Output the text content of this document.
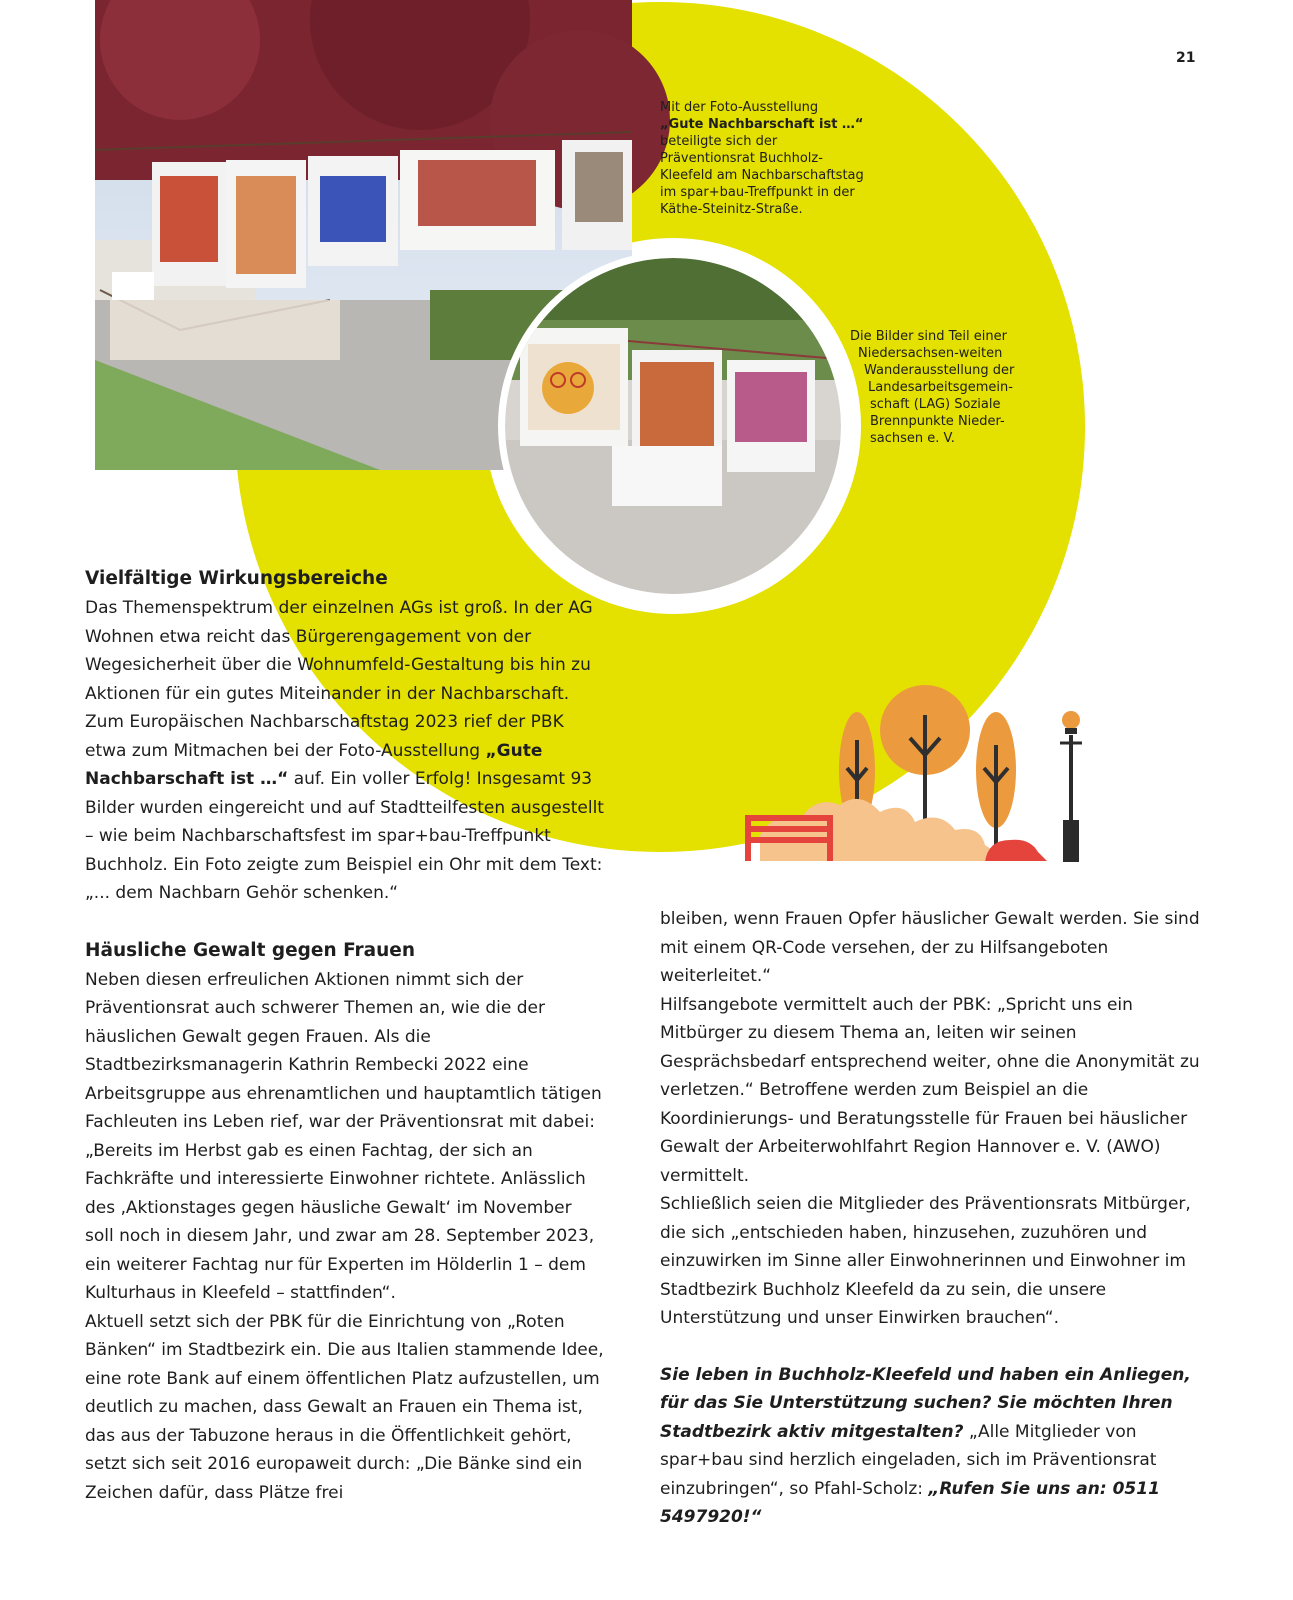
21
Mit der Foto-Ausstellung
„Gute Nachbarschaft ist …“
beteiligte sich der Präventionsrat Buchholz-Kleefeld am Nachbarschaftstag im spar+bau-Treffpunkt in der Käthe-Steinitz-Straße.
Die Bilder sind Teil einer
Niedersachsen-weiten
Wanderausstellung der
Landesarbeitsgemein-
schaft (LAG) Soziale
Brennpunkte Nieder-
sachsen e. V.
Vielfältige Wirkungsbereiche

Das Themenspektrum der einzelnen AGs ist groß. In der AG Wohnen etwa reicht das Bürgerengagement von der Wegesicherheit über die Wohnumfeld-Gestaltung bis hin zu Aktionen für ein gutes Miteinander in der Nachbarschaft. Zum Europäischen Nachbarschaftstag 2023 rief der PBK etwa zum Mitmachen bei der Foto-Ausstellung „Gute Nachbarschaft ist …“ auf. Ein voller Erfolg! Insgesamt 93 Bilder wurden eingereicht und auf Stadtteilfesten ausgestellt – wie beim Nachbarschaftsfest im spar+bau-Treffpunkt Buchholz. Ein Foto zeigte zum Beispiel ein Ohr mit dem Text: „... dem Nachbarn Gehör schenken.“

Häusliche Gewalt gegen Frauen

Neben diesen erfreulichen Aktionen nimmt sich der Präventionsrat auch schwerer Themen an, wie die der häuslichen Gewalt gegen Frauen. Als die Stadtbezirksmanagerin Kathrin Rembecki 2022 eine Arbeitsgruppe aus ehrenamtlichen und hauptamtlich tätigen Fachleuten ins Leben rief, war der Präventionsrat mit dabei: „Bereits im Herbst gab es einen Fachtag, der sich an Fachkräfte und interessierte Einwohner richtete. Anlässlich des ‚Aktionstages gegen häusliche Gewalt‘ im November soll noch in diesem Jahr, und zwar am 28. September 2023, ein weiterer Fachtag nur für Experten im Hölderlin 1 – dem Kulturhaus in Kleefeld – stattfinden“.

Aktuell setzt sich der PBK für die Einrichtung von „Roten Bänken“ im Stadtbezirk ein. Die aus Italien stammende Idee, eine rote Bank auf einem öffentlichen Platz aufzustellen, um deutlich zu machen, dass Gewalt an Frauen ein Thema ist, das aus der Tabuzone heraus in die Öffentlichkeit gehört, setzt sich seit 2016 europaweit durch: „Die Bänke sind ein Zeichen dafür, dass Plätze frei

bleiben, wenn Frauen Opfer häuslicher Gewalt werden. Sie sind mit einem QR-Code versehen, der zu Hilfsangeboten weiterleitet.“

Hilfsangebote vermittelt auch der PBK: „Spricht uns ein Mitbürger zu diesem Thema an, leiten wir seinen Gesprächsbedarf entsprechend weiter, ohne die Anonymität zu verletzen.“ Betroffene werden zum Beispiel an die Koordinierungs- und Beratungsstelle für Frauen bei häuslicher Gewalt der Arbeiterwohlfahrt Region Hannover e. V. (AWO) vermittelt.

Schließlich seien die Mitglieder des Präventionsrats Mitbürger, die sich „entschieden haben, hinzusehen, zuzuhören und einzuwirken im Sinne aller Einwohnerinnen und Einwohner im Stadtbezirk Buchholz Kleefeld da zu sein, die unsere Unterstützung und unser Einwirken brauchen“.

Sie leben in Buchholz-Kleefeld und haben ein Anliegen, für das Sie Unterstützung suchen? Sie möchten Ihren Stadtbezirk aktiv mitgestalten? „Alle Mitglieder von spar+bau sind herzlich eingeladen, sich im Präventionsrat einzubringen“, so Pfahl-Scholz: „Rufen Sie uns an: 0511 5497920!“
